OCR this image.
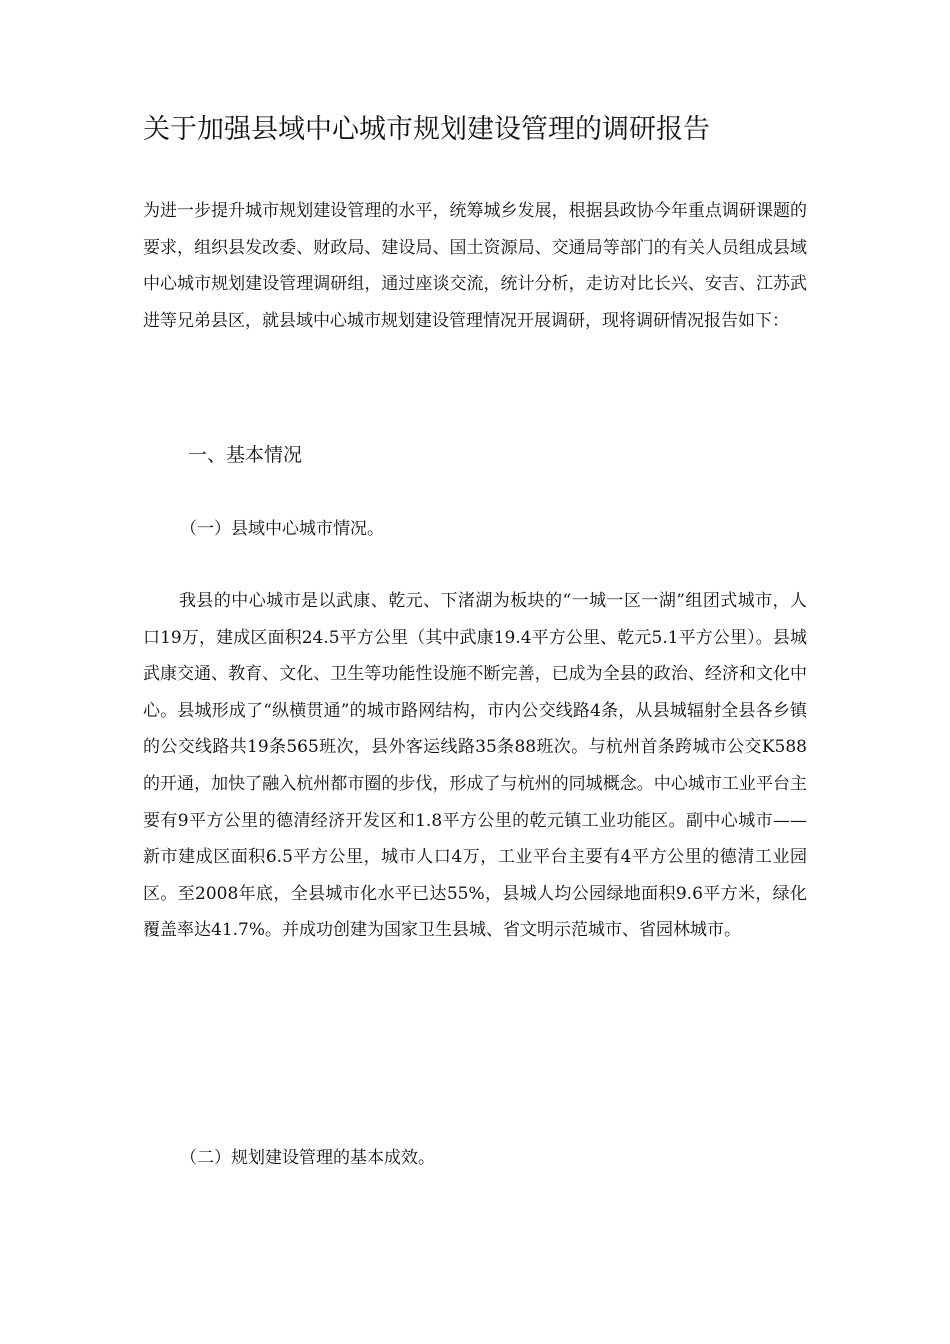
关于加强县域中心城市规划建设管理的调研报告

为进一步提升城市规划建设管理的水平，统筹城乡发展，根据县政协今年重点调研课题的要求，组织县发改委、财政局、建设局、国土资源局、交通局等部门的有关人员组成县域中心城市规划建设管理调研组，通过座谈交流，统计分析，走访对比长兴、安吉、江苏武进等兄弟县区，就县域中心城市规划建设管理情况开展调研，现将调研情况报告如下：

一、基本情况

（一）县域中心城市情况。

我县的中心城市是以武康、乾元、下渚湖为板块的“一城一区一湖”组团式城市，人口19万，建成区面积24.5平方公里（其中武康19.4平方公里、乾元5.1平方公里）。县城武康交通、教育、文化、卫生等功能性设施不断完善，已成为全县的政治、经济和文化中心。县城形成了“纵横贯通”的城市路网结构，市内公交线路4条，从县城辐射全县各乡镇的公交线路共19条565班次，县外客运线路35条88班次。与杭州首条跨城市公交K588的开通，加快了融入杭州都市圈的步伐，形成了与杭州的同城概念。中心城市工业平台主要有9平方公里的德清经济开发区和1.8平方公里的乾元镇工业功能区。副中心城市——新市建成区面积6.5平方公里，城市人口4万，工业平台主要有4平方公里的德清工业园区。至2008年底，全县城市化水平已达55%，县城人均公园绿地面积9.6平方米，绿化覆盖率达41.7%。并成功创建为国家卫生县城、省文明示范城市、省园林城市。

（二）规划建设管理的基本成效。
